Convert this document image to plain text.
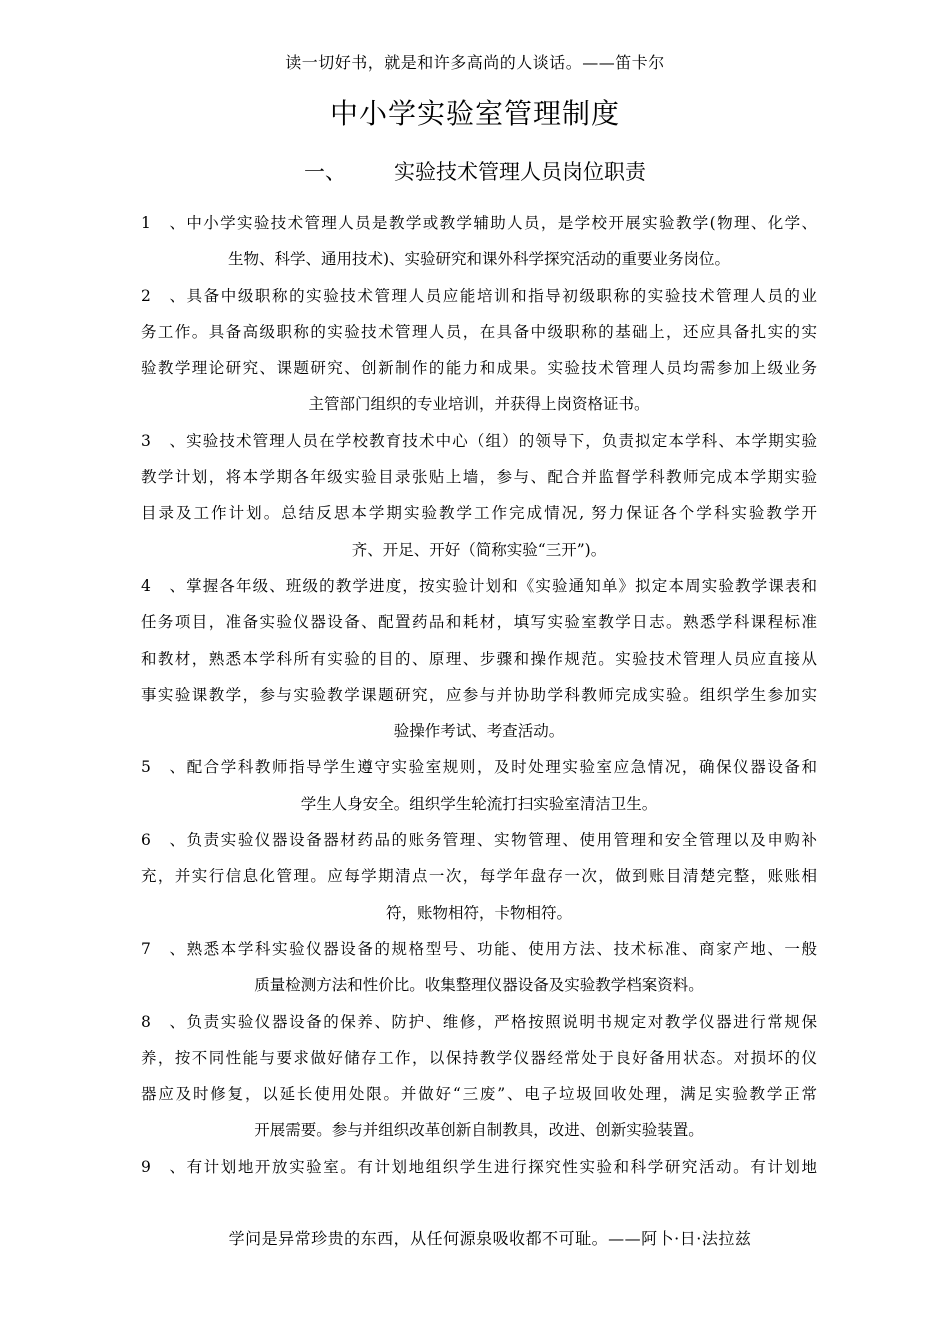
读一切好书，就是和许多高尚的人谈话。——笛卡尔
中小学实验室管理制度
一、 实验技术管理人员岗位职责
1、中小学实验技术管理人员是教学或教学辅助人员，是学校开展实验教学(物理、化学、
生物、科学、通用技术)、实验研究和课外科学探究活动的重要业务岗位。
2 、具备中级职称的实验技术管理人员应能培训和指导初级职称的实验技术管理人员的业
务工作。具备高级职称的实验技术管理人员，在具备中级职称的基础上，还应具备扎实的实
验教学理论研究、课题研究、创新制作的能力和成果。实验技术管理人员均需参加上级业务
主管部门组织的专业培训，并获得上岗资格证书。
3、实验技术管理人员在学校教育技术中心（组）的领导下，负责拟定本学科、本学期实验
教学计划，将本学期各年级实验目录张贴上墙，参与、配合并监督学科教师完成本学期实验
目录及工作计划。总结反思本学期实验教学工作完成情况, 努力保证各个学科实验教学开
齐、开足、开好（简称实验“三开”)。
4、掌握各年级、班级的教学进度，按实验计划和《实验通知单》拟定本周实验教学课表和
任务项目，准备实验仪器设备、配置药品和耗材，填写实验室教学日志。熟悉学科课程标准
和教材，熟悉本学科所有实验的目的、原理、步骤和操作规范。实验技术管理人员应直接从
事实验课教学，参与实验教学课题研究，应参与并协助学科教师完成实验。组织学生参加实
验操作考试、考查活动。
5、配合学科教师指导学生遵守实验室规则，及时处理实验室应急情况，确保仪器设备和
学生人身安全。组织学生轮流打扫实验室清洁卫生。
6、负责实验仪器设备器材药品的账务管理、实物管理、使用管理和安全管理以及申购补
充，并实行信息化管理。应每学期清点一次，每学年盘存一次，做到账目清楚完整，账账相
符，账物相符，卡物相符。
7、熟悉本学科实验仪器设备的规格型号、功能、使用方法、技术标准、商家产地、一般
质量检测方法和性价比。收集整理仪器设备及实验教学档案资料。
8、负责实验仪器设备的保养、防护、维修，严格按照说明书规定对教学仪器进行常规保
养，按不同性能与要求做好储存工作，以保持教学仪器经常处于良好备用状态。对损坏的仪
器应及时修复，以延长使用处限。并做好“三废”、电子垃圾回收处理，满足实验教学正常
开展需要。参与并组织改革创新自制教具，改进、创新实验装置。
9、有计划地开放实验室。有计划地组织学生进行探究性实验和科学研究活动。有计划地
学问是异常珍贵的东西，从任何源泉吸收都不可耻。——阿卜·日·法拉兹
